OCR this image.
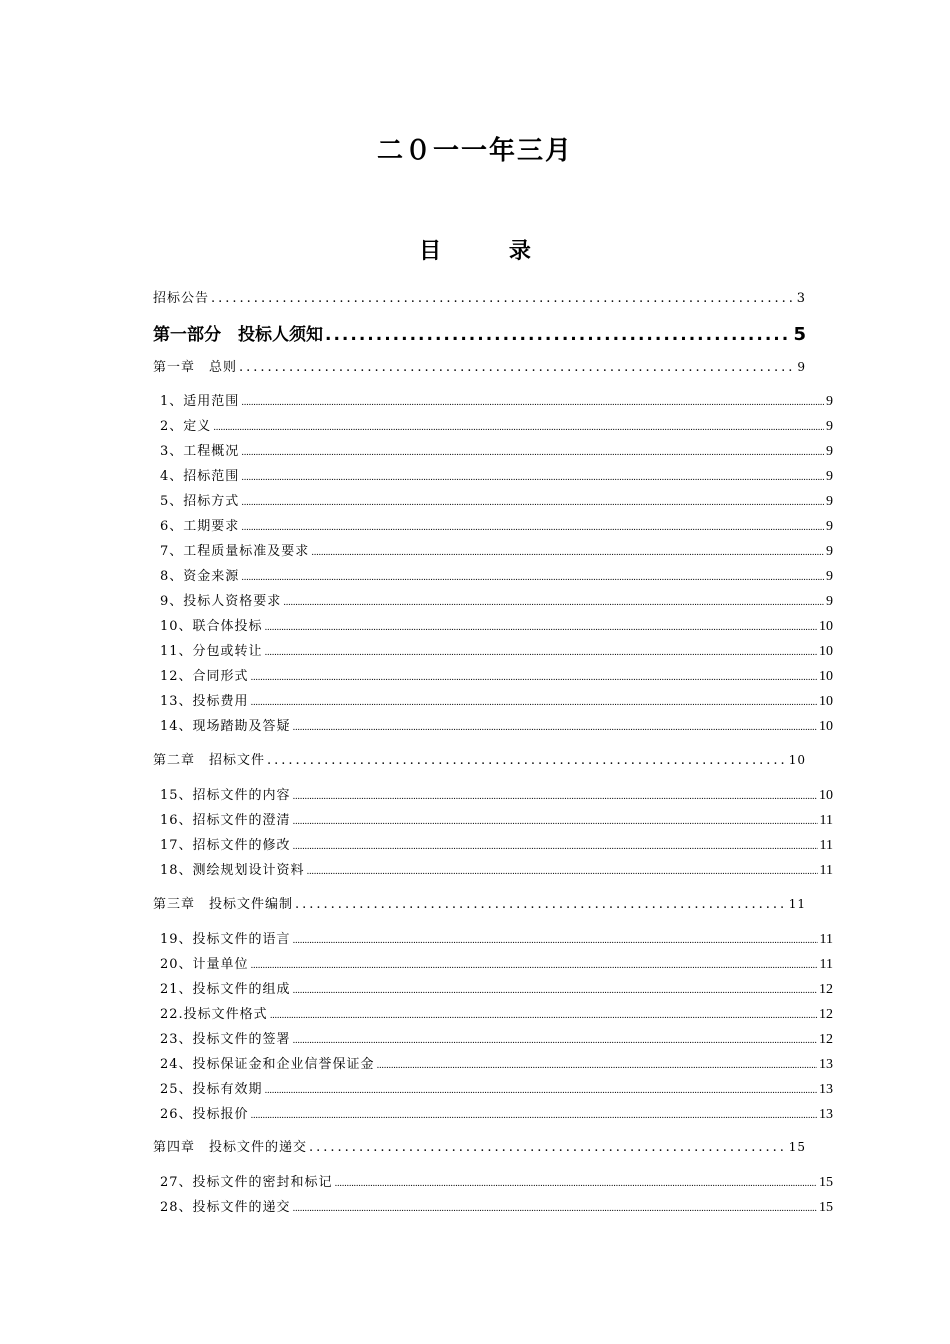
二０一一年三月
目 录
招标公告 .....	3
第一部分　投标人须知 .....	5
第一章　总则 .....	9
1、适用范围 .....	9
2、定义 .....	9
3、工程概况 .....	9
4、招标范围 .....	9
5、招标方式 .....	9
6、工期要求 .....	9
7、工程质量标准及要求 .....	9
8、资金来源 .....	9
9、投标人资格要求 .....	9
10、联合体投标 .....	10
11、分包或转让 .....	10
12、合同形式 .....	10
13、投标费用 .....	10
14、现场踏勘及答疑 .....	10
第二章　招标文件 .....	10
15、招标文件的内容 .....	10
16、招标文件的澄清 .....	11
17、招标文件的修改 .....	11
18、测绘规划设计资料 .....	11
第三章　投标文件编制 .....	11
19、投标文件的语言 .....	11
20、计量单位 .....	11
21、投标文件的组成 .....	12
22.投标文件格式 .....	12
23、投标文件的签署 .....	12
24、投标保证金和企业信誉保证金 .....	13
25、投标有效期 .....	13
26、投标报价 .....	13
第四章　投标文件的递交 .....	15
27、投标文件的密封和标记 .....	15
28、投标文件的递交 .....	15
